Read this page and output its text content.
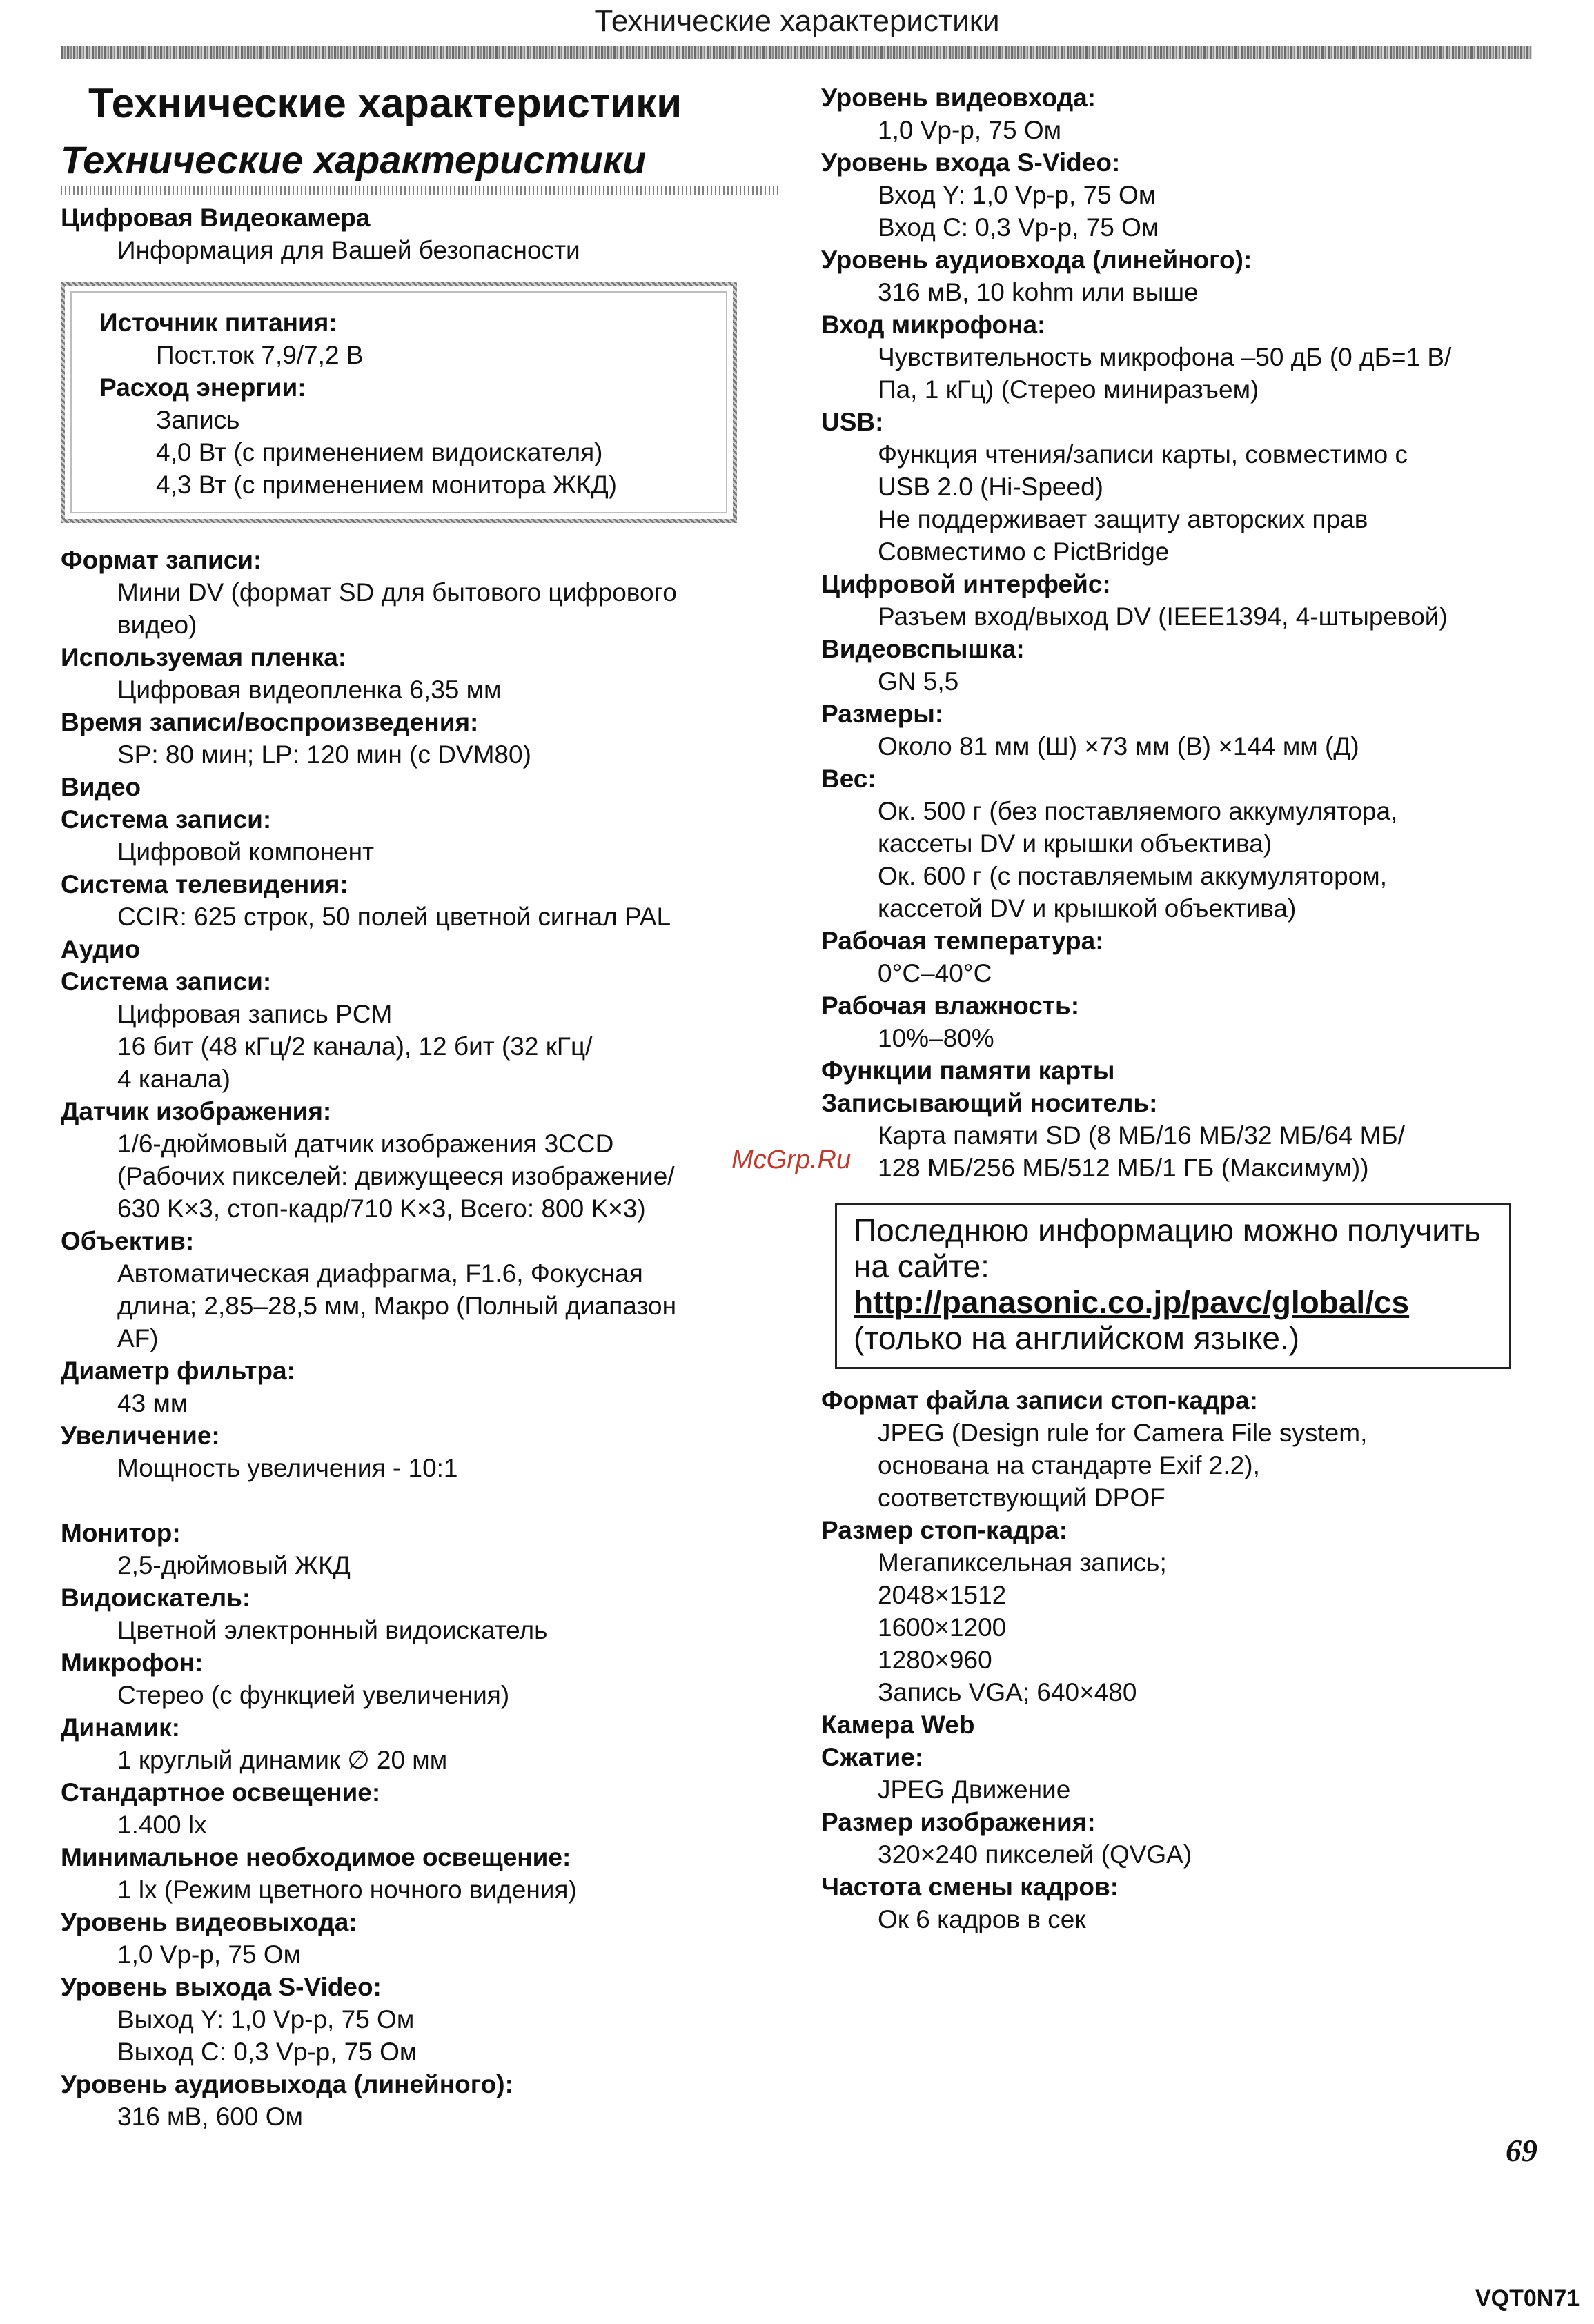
Технические характеристики
Технические характеристики
Технические характеристики
Цифровая Видеокамера
Информация для Вашей безопасности
Источник питания:
Пост.ток 7,9/7,2 В
Расход энергии:
Запись
4,0 Вт (с применением видоискателя)
4,3 Вт (с применением монитора ЖКД)
Формат записи:
Мини DV (формат SD для бытового цифрового
видео)
Используемая пленка:
Цифровая видеопленка 6,35 мм
Время записи/воспроизведения:
SP: 80 мин; LP: 120 мин (с DVM80)
Видео
Система записи:
Цифровой компонент
Система телевидения:
CCIR: 625 строк, 50 полей цветной сигнал PAL
Аудио
Система записи:
Цифровая запись PCM
16 бит (48 кГц/2 канала), 12 бит (32 кГц/
4 канала)
Датчик изображения:
1/6-дюймовый датчик изображения 3CCD
(Рабочих пикселей: движущееся изображение/
630 K×3, стоп-кадр/710 K×3, Всего: 800 K×3)
Объектив:
Автоматическая диафрагма, F1.6, Фокусная
длина; 2,85–28,5 мм, Макро (Полный диапазон
AF)
Диаметр фильтра:
43 мм
Увеличение:
Мощность увеличения - 10:1
Монитор:
2,5-дюймовый ЖКД
Видоискатель:
Цветной электронный видоискатель
Микрофон:
Стерео (с функцией увеличения)
Динамик:
1 круглый динамик ∅ 20 мм
Стандартное освещение:
1.400 lx
Минимальное необходимое освещение:
1 lx (Режим цветного ночного видения)
Уровень видеовыхода:
1,0 Vp-p, 75 Ом
Уровень выхода S-Video:
Выход Y: 1,0 Vp-p, 75 Ом
Выход C: 0,3 Vp-p, 75 Ом
Уровень аудиовыхода (линейного):
316 мВ, 600 Ом
Уровень видеовхода:
1,0 Vp-p, 75 Ом
Уровень входа S-Video:
Вход Y: 1,0 Vp-p, 75 Ом
Вход C: 0,3 Vp-p, 75 Ом
Уровень аудиовхода (линейного):
316 мВ, 10 kohm или выше
Вход микрофона:
Чувствительность микрофона –50 дБ (0 дБ=1 В/
Па, 1 кГц) (Стерео миниразъем)
USB:
Функция чтения/записи карты, совместимо с
USB 2.0 (Hi-Speed)
Не поддерживает защиту авторских прав
Совместимо с PictBridge
Цифровой интерфейс:
Разъем вход/выход DV (IEEE1394, 4-штыревой)
Видеовспышка:
GN 5,5
Размеры:
Около 81 мм (Ш) ×73 мм (В) ×144 мм (Д)
Вес:
Ок. 500 г (без поставляемого аккумулятора,
кассеты DV и крышки объектива)
Ок. 600 г (с поставляемым аккумулятором,
кассетой DV и крышкой объектива)
Рабочая температура:
0°C–40°C
Рабочая влажность:
10%–80%
Функции памяти карты
Записывающий носитель:
Карта памяти SD (8 МБ/16 МБ/32 МБ/64 МБ/
128 МБ/256 МБ/512 МБ/1 ГБ (Максимум))
Последнюю информацию можно получить
на сайте:
http://panasonic.co.jp/pavc/global/cs
(только на английском языке.)
Формат файла записи стоп-кадра:
JPEG (Design rule for Camera File system,
основана на стандарте Exif 2.2),
соответствующий DPOF
Размер стоп-кадра:
Мегапиксельная запись;
2048×1512
1600×1200
1280×960
Запись VGA; 640×480
Камера Web
Сжатие:
JPEG Движение
Размер изображения:
320×240 пикселей (QVGA)
Частота смены кадров:
Ок 6 кадров в сек
McGrp.Ru
69
VQT0N71
